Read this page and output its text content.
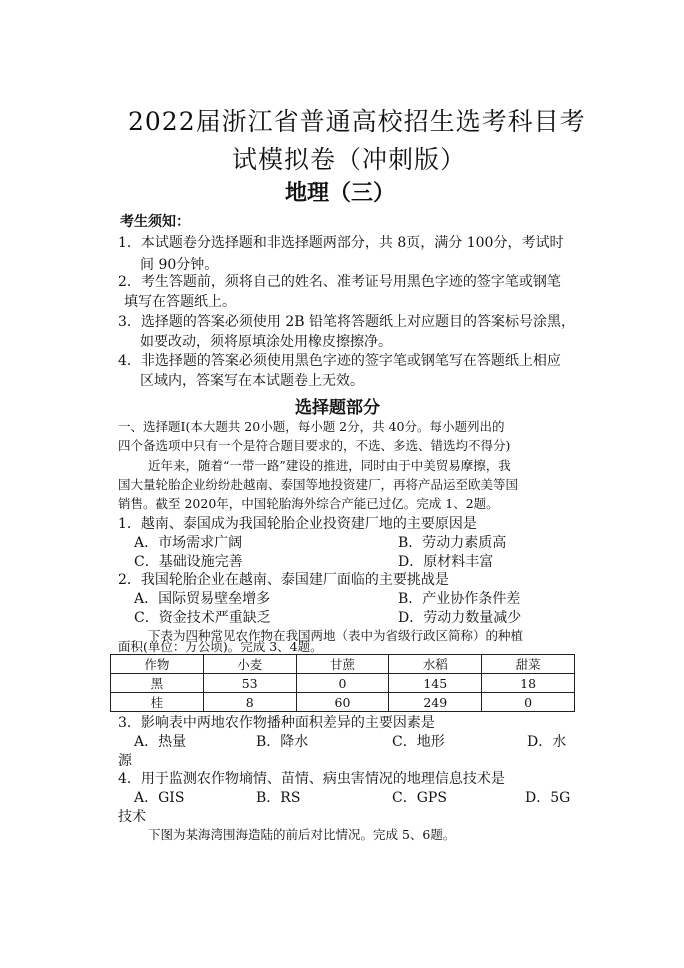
2022届浙江省普通高校招生选考科目考
试模拟卷（冲刺版）
地理（三）
考生须知：
1．本试题卷分选择题和非选择题两部分，共 8页，满分 100分，考试时
间 90分钟。
2．考生答题前，须将自己的姓名、准考证号用黑色字迹的签字笔或钢笔
填写在答题纸上。
3．选择题的答案必须使用 2B 铅笔将答题纸上对应题目的答案标号涂黑，
如要改动，须将原填涂处用橡皮擦擦净。
4．非选择题的答案必须使用黑色字迹的签字笔或钢笔写在答题纸上相应
区域内，答案写在本试题卷上无效。
选择题部分
一、选择题Ⅰ(本大题共 20小题，每小题 2分，共 40分。每小题列出的
四个备选项中只有一个是符合题目要求的，不选、多选、错选均不得分)
近年来，随着“一带一路”建设的推进，同时由于中美贸易摩擦，我
国大量轮胎企业纷纷赴越南、泰国等地投资建厂，再将产品运至欧美等国
销售。截至 2020年，中国轮胎海外综合产能已过亿。完成 1、2题。
1．越南、泰国成为我国轮胎企业投资建厂地的主要原因是
A．市场需求广阔	B．劳动力素质高
C．基础设施完善	D．原材料丰富
2．我国轮胎企业在越南、泰国建厂面临的主要挑战是
A．国际贸易壁垒增多	B．产业协作条件差
C．资金技术严重缺乏	D．劳动力数量减少
下表为四种常见农作物在我国两地（表中为省级行政区简称）的种植
面积(单位：万公顷)。完成 3、4题。
作物	小麦	甘蔗	水稻	甜菜
黑	53	0	145	18
桂	8	60	249	0
3．影响表中两地农作物播种面积差异的主要因素是
A．热量	B．降水	C．地形	D．水
源
4．用于监测农作物墒情、苗情、病虫害情况的地理信息技术是
A．GIS	B．RS	C．GPS	D．5G
技术
下图为某海湾围海造陆的前后对比情况。完成 5、6题。
